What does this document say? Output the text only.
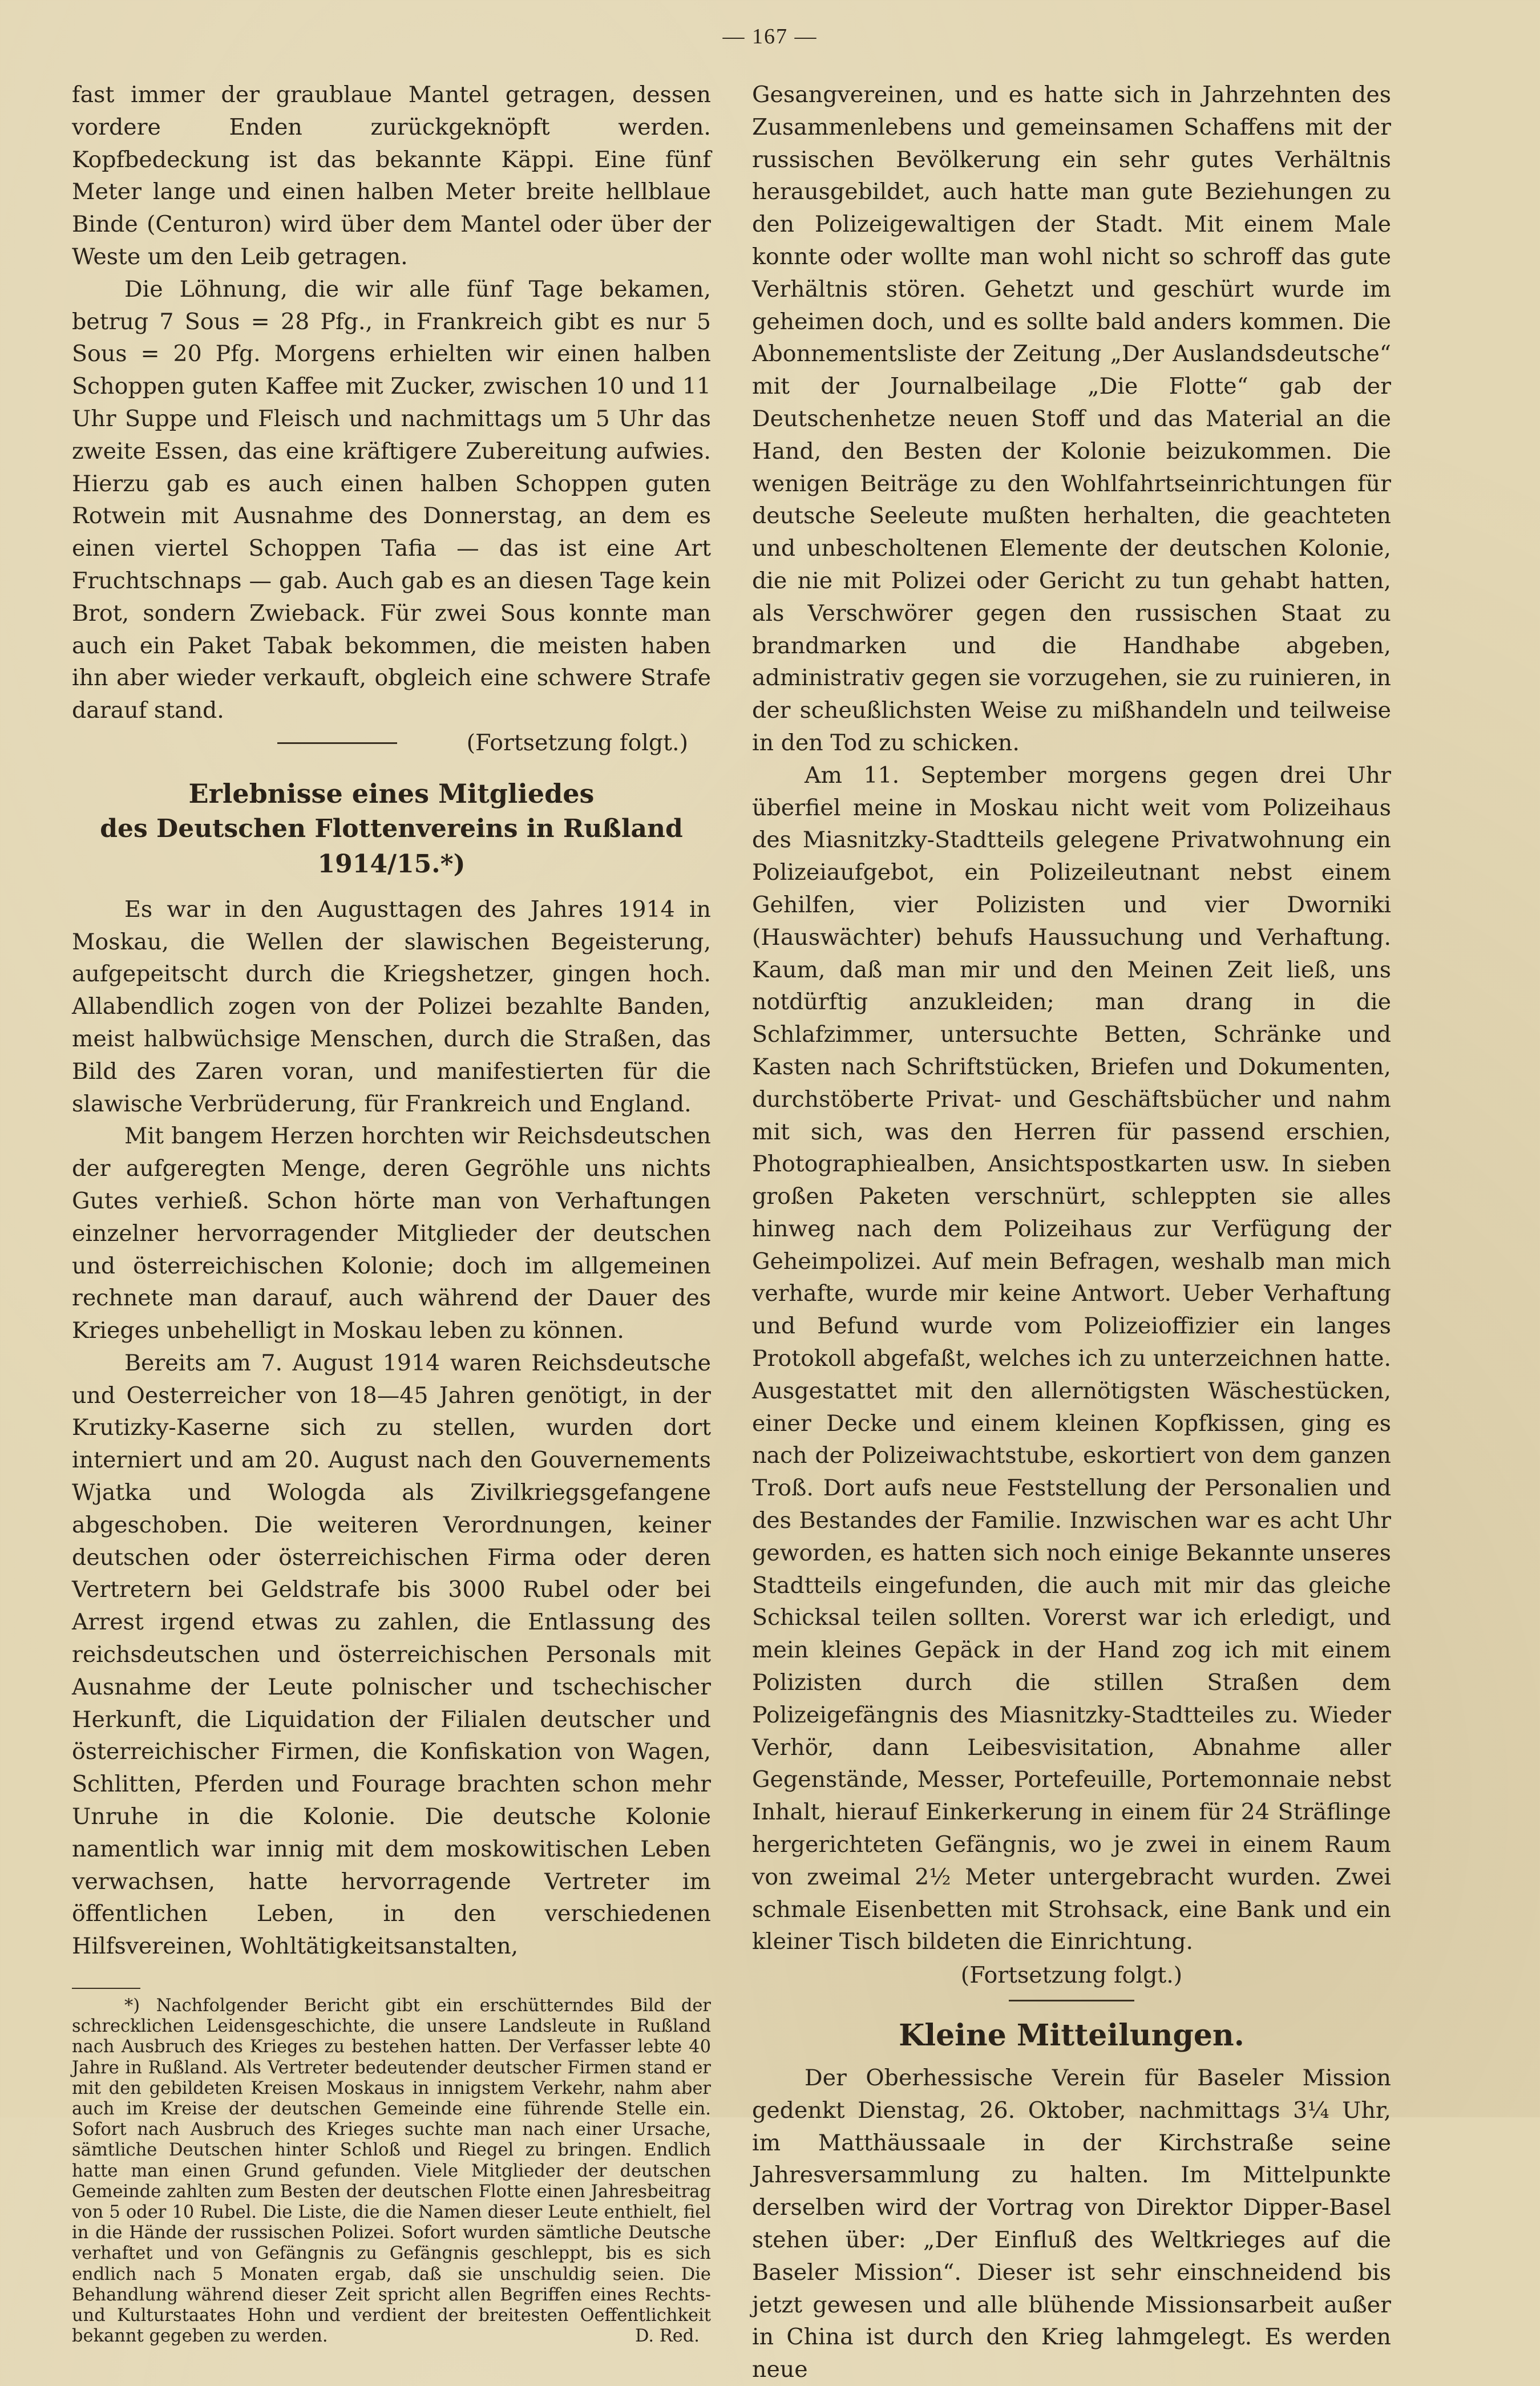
— 167 —

fast immer der graublaue Mantel getragen, dessen vordere Enden zurückgeknöpft werden. Kopfbedeckung ist das bekannte Käppi. Eine fünf Meter lange und einen halben Meter breite hellblaue Binde (Centuron) wird über dem Mantel oder über der Weste um den Leib getragen.

Die Löhnung, die wir alle fünf Tage bekamen, betrug 7 Sous = 28 Pfg., in Frankreich gibt es nur 5 Sous = 20 Pfg. Morgens erhielten wir einen halben Schoppen guten Kaffee mit Zucker, zwischen 10 und 11 Uhr Suppe und Fleisch und nachmittags um 5 Uhr das zweite Essen, das eine kräftigere Zubereitung aufwies. Hierzu gab es auch einen halben Schoppen guten Rotwein mit Ausnahme des Donnerstag, an dem es einen viertel Schoppen Tafia — das ist eine Art Fruchtschnaps — gab. Auch gab es an diesen Tage kein Brot, sondern Zwieback. Für zwei Sous konnte man auch ein Paket Tabak bekommen, die meisten haben ihn aber wieder verkauft, obgleich eine schwere Strafe darauf stand.

(Fortsetzung folgt.)
Erlebnisse eines Mitgliedes
des Deutschen Flottenvereins in Rußland 1914/15.*)

Es war in den Augusttagen des Jahres 1914 in Moskau, die Wellen der slawischen Begeisterung, aufgepeitscht durch die Kriegshetzer, gingen hoch. Allabendlich zogen von der Polizei bezahlte Banden, meist halbwüchsige Menschen, durch die Straßen, das Bild des Zaren voran, und manifestierten für die slawische Verbrüderung, für Frankreich und England.

Mit bangem Herzen horchten wir Reichsdeutschen der aufgeregten Menge, deren Gegröhle uns nichts Gutes verhieß. Schon hörte man von Verhaftungen einzelner hervorragender Mitglieder der deutschen und österreichischen Kolonie; doch im allgemeinen rechnete man darauf, auch während der Dauer des Krieges unbehelligt in Moskau leben zu können.

Bereits am 7. August 1914 waren Reichsdeutsche und Oesterreicher von 18—45 Jahren genötigt, in der Krutizky-Kaserne sich zu stellen, wurden dort interniert und am 20. August nach den Gouvernements Wjatka und Wologda als Zivilkriegsgefangene abgeschoben. Die weiteren Verordnungen, keiner deutschen oder österreichischen Firma oder deren Vertretern bei Geldstrafe bis 3000 Rubel oder bei Arrest irgend etwas zu zahlen, die Entlassung des reichsdeutschen und österreichischen Personals mit Ausnahme der Leute polnischer und tschechischer Herkunft, die Liquidation der Filialen deutscher und österreichischer Firmen, die Konfiskation von Wagen, Schlitten, Pferden und Fourage brachten schon mehr Unruhe in die Kolonie. Die deutsche Kolonie namentlich war innig mit dem moskowitischen Leben verwachsen, hatte hervorragende Vertreter im öffentlichen Leben, in den verschiedenen Hilfsvereinen, Wohltätigkeitsanstalten,

*) Nachfolgender Bericht gibt ein erschütterndes Bild der schrecklichen Leidensgeschichte, die unsere Landsleute in Rußland nach Ausbruch des Krieges zu bestehen hatten. Der Verfasser lebte 40 Jahre in Rußland. Als Vertreter bedeutender deutscher Firmen stand er mit den gebildeten Kreisen Moskaus in innigstem Verkehr, nahm aber auch im Kreise der deutschen Gemeinde eine führende Stelle ein. Sofort nach Ausbruch des Krieges suchte man nach einer Ursache, sämtliche Deutschen hinter Schloß und Riegel zu bringen. Endlich hatte man einen Grund gefunden. Viele Mitglieder der deutschen Gemeinde zahlten zum Besten der deutschen Flotte einen Jahresbeitrag von 5 oder 10 Rubel. Die Liste, die die Namen dieser Leute enthielt, fiel in die Hände der russischen Polizei. Sofort wurden sämtliche Deutsche verhaftet und von Gefängnis zu Gefängnis geschleppt, bis es sich endlich nach 5 Monaten ergab, daß sie unschuldig seien. Die Behandlung während dieser Zeit spricht allen Begriffen eines Rechts- und Kulturstaates Hohn und verdient der breitesten Oeffentlichkeit bekannt gegeben zu werden.	D. Red.

Gesangvereinen, und es hatte sich in Jahrzehnten des Zusammenlebens und gemeinsamen Schaffens mit der russischen Bevölkerung ein sehr gutes Verhältnis herausgebildet, auch hatte man gute Beziehungen zu den Polizeigewaltigen der Stadt. Mit einem Male konnte oder wollte man wohl nicht so schroff das gute Verhältnis stören. Gehetzt und geschürt wurde im geheimen doch, und es sollte bald anders kommen. Die Abonnementsliste der Zeitung „Der Auslandsdeutsche“ mit der Journalbeilage „Die Flotte“ gab der Deutschenhetze neuen Stoff und das Material an die Hand, den Besten der Kolonie beizukommen. Die wenigen Beiträge zu den Wohlfahrtseinrichtungen für deutsche Seeleute mußten herhalten, die geachteten und unbescholtenen Elemente der deutschen Kolonie, die nie mit Polizei oder Gericht zu tun gehabt hatten, als Verschwörer gegen den russischen Staat zu brandmarken und die Handhabe abgeben, administrativ gegen sie vorzugehen, sie zu ruinieren, in der scheußlichsten Weise zu mißhandeln und teilweise in den Tod zu schicken.

Am 11. September morgens gegen drei Uhr überfiel meine in Moskau nicht weit vom Polizeihaus des Miasnitzky-Stadtteils gelegene Privatwohnung ein Polizeiaufgebot, ein Polizeileutnant nebst einem Gehilfen, vier Polizisten und vier Dworniki (Hauswächter) behufs Haussuchung und Verhaftung. Kaum, daß man mir und den Meinen Zeit ließ, uns notdürftig anzukleiden; man drang in die Schlafzimmer, untersuchte Betten, Schränke und Kasten nach Schriftstücken, Briefen und Dokumenten, durchstöberte Privat- und Geschäftsbücher und nahm mit sich, was den Herren für passend erschien, Photographiealben, Ansichtspostkarten usw. In sieben großen Paketen verschnürt, schleppten sie alles hinweg nach dem Polizeihaus zur Verfügung der Geheimpolizei. Auf mein Befragen, weshalb man mich verhafte, wurde mir keine Antwort. Ueber Verhaftung und Befund wurde vom Polizeioffizier ein langes Protokoll abgefaßt, welches ich zu unterzeichnen hatte. Ausgestattet mit den allernötigsten Wäschestücken, einer Decke und einem kleinen Kopfkissen, ging es nach der Polizeiwachtstube, eskortiert von dem ganzen Troß. Dort aufs neue Feststellung der Personalien und des Bestandes der Familie. Inzwischen war es acht Uhr geworden, es hatten sich noch einige Bekannte unseres Stadtteils eingefunden, die auch mit mir das gleiche Schicksal teilen sollten. Vorerst war ich erledigt, und mein kleines Gepäck in der Hand zog ich mit einem Polizisten durch die stillen Straßen dem Polizeigefängnis des Miasnitzky-Stadtteiles zu. Wieder Verhör, dann Leibesvisitation, Abnahme aller Gegenstände, Messer, Portefeuille, Portemonnaie nebst Inhalt, hierauf Einkerkerung in einem für 24 Sträflinge hergerichteten Gefängnis, wo je zwei in einem Raum von zweimal 2½ Meter untergebracht wurden. Zwei schmale Eisenbetten mit Strohsack, eine Bank und ein kleiner Tisch bildeten die Einrichtung.

(Fortsetzung folgt.)
Kleine Mitteilungen.

Der Oberhessische Verein für Baseler Mission gedenkt Dienstag, 26. Oktober, nachmittags 3¼ Uhr, im Matthäussaale in der Kirchstraße seine Jahresversammlung zu halten. Im Mittelpunkte derselben wird der Vortrag von Direktor Dipper-Basel stehen über: „Der Einfluß des Weltkrieges auf die Baseler Mission“. Dieser ist sehr einschneidend bis jetzt gewesen und alle blühende Missionsarbeit außer in China ist durch den Krieg lahmgelegt. Es werden neue
